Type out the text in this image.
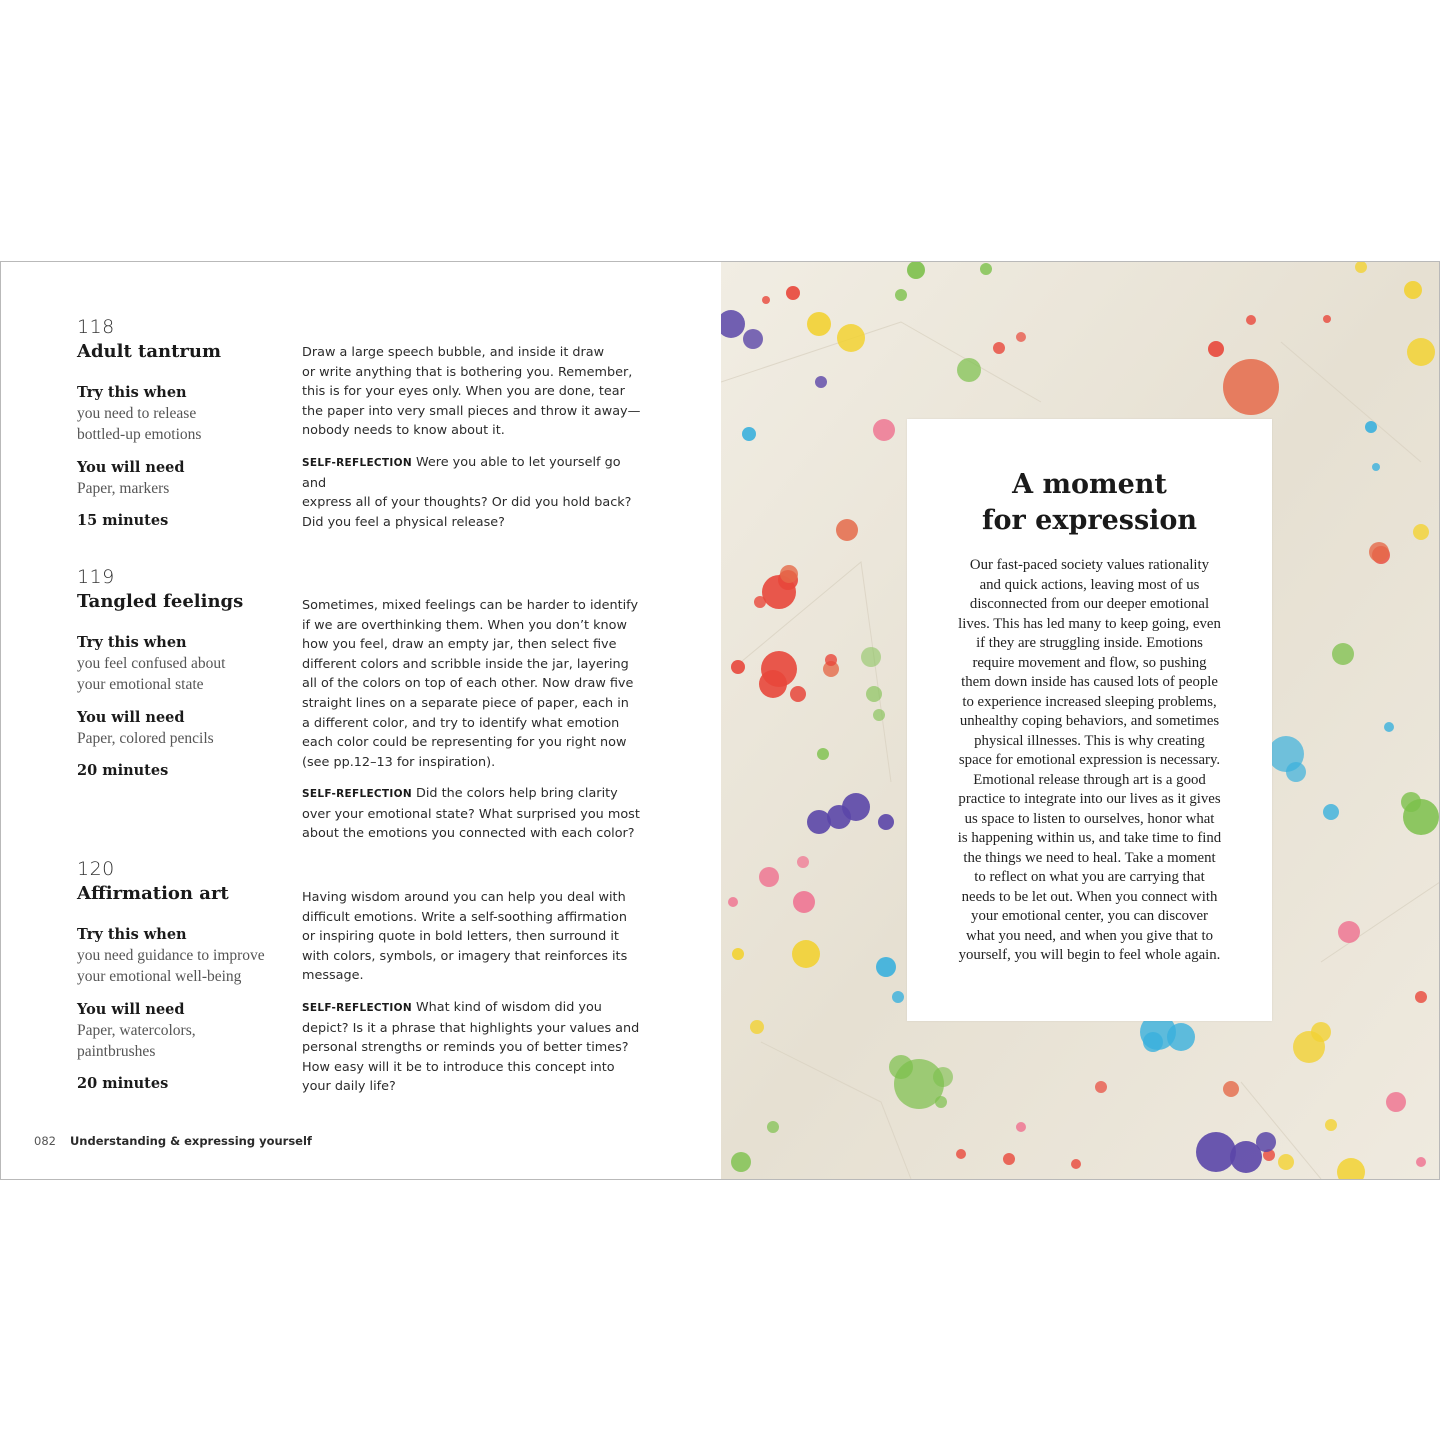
118
Adult tantrum
Try this when
you need to release
bottled-up emotions
You will need
Paper, markers
15 minutes
Draw a large speech bubble, and inside it draw
or write anything that is bothering you. Remember,
this is for your eyes only. When you are done, tear
the paper into very small pieces and throw it away—
nobody needs to know about it.
SELF-REFLECTION Were you able to let yourself go and
express all of your thoughts? Or did you hold back?
Did you feel a physical release?
119
Tangled feelings
Try this when
you feel confused about
your emotional state
You will need
Paper, colored pencils
20 minutes
Sometimes, mixed feelings can be harder to identify
if we are overthinking them. When you don’t know
how you feel, draw an empty jar, then select five
different colors and scribble inside the jar, layering
all of the colors on top of each other. Now draw five
straight lines on a separate piece of paper, each in
a different color, and try to identify what emotion
each color could be representing for you right now
(see pp.12–13 for inspiration).
SELF-REFLECTION Did the colors help bring clarity
over your emotional state? What surprised you most
about the emotions you connected with each color?
120
Affirmation art
Try this when
you need guidance to improve
your emotional well-being
You will need
Paper, watercolors,
paintbrushes
20 minutes
Having wisdom around you can help you deal with
difficult emotions. Write a self-soothing affirmation
or inspiring quote in bold letters, then surround it
with colors, symbols, or imagery that reinforces its
message.
SELF-REFLECTION What kind of wisdom did you
depict? Is it a phrase that highlights your values and
personal strengths or reminds you of better times?
How easy will it be to introduce this concept into
your daily life?
082 Understanding & expressing yourself
A moment
for expression
Our fast-paced society values rationality
and quick actions, leaving most of us
disconnected from our deeper emotional
lives. This has led many to keep going, even
if they are struggling inside. Emotions
require movement and flow, so pushing
them down inside has caused lots of people
to experience increased sleeping problems,
unhealthy coping behaviors, and sometimes
physical illnesses. This is why creating
space for emotional expression is necessary.
Emotional release through art is a good
practice to integrate into our lives as it gives
us space to listen to ourselves, honor what
is happening within us, and take time to find
the things we need to heal. Take a moment
to reflect on what you are carrying that
needs to be let out. When you connect with
your emotional center, you can discover
what you need, and when you give that to
yourself, you will begin to feel whole again.
